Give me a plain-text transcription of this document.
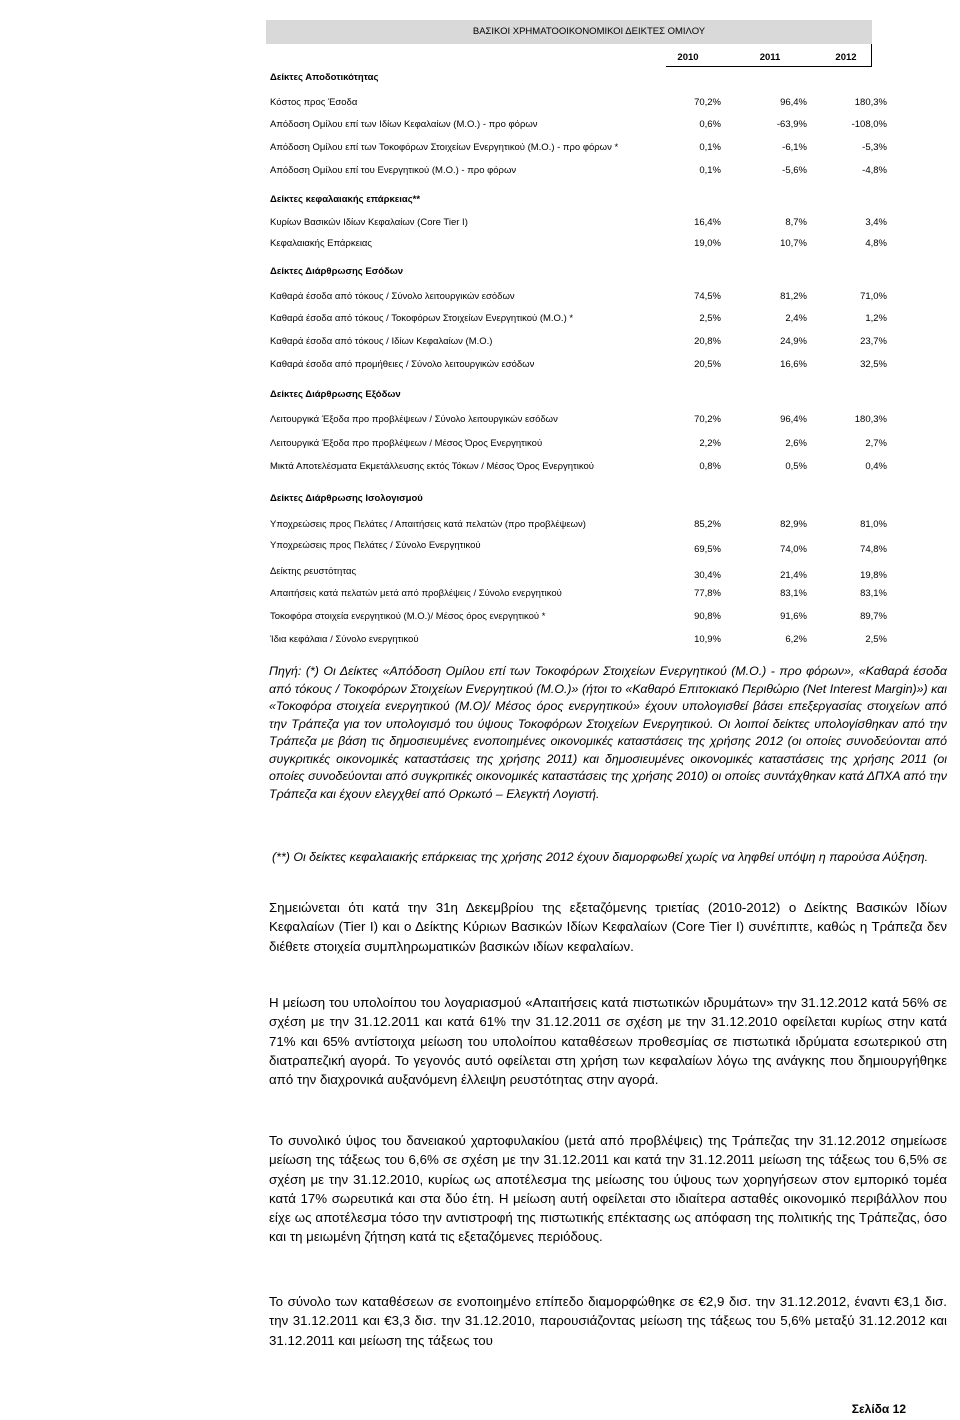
ΒΑΣΙΚΟΙ ΧΡΗΜΑΤΟΟΙΚΟΝΟΜΙΚΟΙ ΔΕΙΚΤΕΣ ΟΜΙΛΟΥ
2010	2011	2012
Δείκτες Αποδοτικότητας
Κόστος προς Έσοδα	70,2%	96,4%	180,3%
Απόδοση Ομίλου επί των Ιδίων Κεφαλαίων (Μ.Ο.) - προ φόρων	0,6%	-63,9%	-108,0%
Απόδοση Ομίλου επί των Τοκοφόρων Στοιχείων Ενεργητικού (Μ.Ο.) - προ φόρων *	0,1%	-6,1%	-5,3%
Απόδοση Ομίλου επί του Ενεργητικού (Μ.Ο.) - προ φόρων	0,1%	-5,6%	-4,8%
Δείκτες κεφαλαιακής επάρκειας**
Κυρίων Βασικών Ιδίων Κεφαλαίων (Core Tier I)	16,4%	8,7%	3,4%
Κεφαλαιακής Επάρκειας	19,0%	10,7%	4,8%
Δείκτες Διάρθρωσης Εσόδων
Καθαρά έσοδα από τόκους / Σύνολο λειτουργικών εσόδων	74,5%	81,2%	71,0%
Καθαρά έσοδα από τόκους / Τοκοφόρων Στοιχείων Ενεργητικού (Μ.Ο.) *	2,5%	2,4%	1,2%
Καθαρά έσοδα από τόκους / Ιδίων Κεφαλαίων (Μ.Ο.)	20,8%	24,9%	23,7%
Καθαρά έσοδα από προμήθειες / Σύνολο λειτουργικών εσόδων	20,5%	16,6%	32,5%
Δείκτες Διάρθρωσης Εξόδων
Λειτουργικά Έξοδα προ προβλέψεων / Σύνολο λειτουργικών εσόδων	70,2%	96,4%	180,3%
Λειτουργικά Έξοδα προ προβλέψεων / Μέσος Όρος Ενεργητικού	2,2%	2,6%	2,7%
Μικτά Αποτελέσματα Εκμετάλλευσης εκτός Τόκων / Μέσος Όρος Ενεργητικού	0,8%	0,5%	0,4%
Δείκτες Διάρθρωσης Ισολογισμού
Υποχρεώσεις προς Πελάτες / Απαιτήσεις κατά πελατών (προ προβλέψεων)	85,2%	82,9%	81,0%
Υποχρεώσεις προς Πελάτες / Σύνολο Ενεργητικού	69,5%	74,0%	74,8%
Δείκτης ρευστότητας	30,4%	21,4%	19,8%
Απαιτήσεις κατά πελατών μετά από προβλέψεις / Σύνολο ενεργητικού	77,8%	83,1%	83,1%
Τοκοφόρα στοιχεία ενεργητικού (Μ.Ο.)/ Μέσος όρος ενεργητικού *	90,8%	91,6%	89,7%
Ίδια κεφάλαια / Σύνολο ενεργητικού	10,9%	6,2%	2,5%

Πηγή: (*) Οι Δείκτες «Απόδοση Ομίλου επί των Τοκοφόρων Στοιχείων Ενεργητικού (Μ.Ο.) - προ φόρων», «Καθαρά έσοδα από τόκους / Τοκοφόρων Στοιχείων Ενεργητικού (Μ.Ο.)» (ήτοι το «Καθαρό Επιτοκιακό Περιθώριο (Net Interest Margin)») και «Τοκοφόρα στοιχεία ενεργητικού (Μ.Ο)/ Μέσος όρος ενεργητικού» έχουν υπολογισθεί βάσει επεξεργασίας στοιχείων από την Τράπεζα για τον υπολογισμό του ύψους Τοκοφόρων Στοιχείων Ενεργητικού. Οι λοιποί δείκτες υπολογίσθηκαν από την Τράπεζα με βάση τις δημοσιευμένες ενοποιημένες οικονομικές καταστάσεις της χρήσης 2012 (οι οποίες συνοδεύονται από συγκριτικές οικονομικές καταστάσεις της χρήσης 2011) και δημοσιευμένες οικονομικές καταστάσεις της χρήσης 2011 (οι οποίες συνοδεύονται από συγκριτικές οικονομικές καταστάσεις της χρήσης 2010) οι οποίες συντάχθηκαν κατά ΔΠΧΑ από την Τράπεζα και έχουν ελεγχθεί από Ορκωτό – Ελεγκτή Λογιστή.

(**) Οι δείκτες κεφαλαιακής επάρκειας της χρήσης 2012 έχουν διαμορφωθεί χωρίς να ληφθεί υπόψη η παρούσα Αύξηση.

Σημειώνεται ότι κατά την 31η Δεκεμβρίου της εξεταζόμενης τριετίας (2010-2012) ο Δείκτης Βασικών Ιδίων Κεφαλαίων (Tier I) και ο Δείκτης Κύριων Βασικών Ιδίων Κεφαλαίων (Core Tier I) συνέπιπτε, καθώς η Τράπεζα δεν διέθετε στοιχεία συμπληρωματικών βασικών ιδίων κεφαλαίων.

Η μείωση του υπολοίπου του λογαριασμού «Απαιτήσεις κατά πιστωτικών ιδρυμάτων» την 31.12.2012 κατά 56% σε σχέση με την 31.12.2011 και κατά 61% την 31.12.2011 σε σχέση με την 31.12.2010 οφείλεται κυρίως στην κατά 71% και 65% αντίστοιχα μείωση του υπολοίπου καταθέσεων προθεσμίας σε πιστωτικά ιδρύματα εσωτερικού στη διατραπεζική αγορά. Το γεγονός αυτό οφείλεται στη χρήση των κεφαλαίων λόγω της ανάγκης που δημιουργήθηκε από την διαχρονικά αυξανόμενη έλλειψη ρευστότητας στην αγορά.

Το συνολικό ύψος του δανειακού χαρτοφυλακίου (μετά από προβλέψεις) της Τράπεζας την 31.12.2012 σημείωσε μείωση της τάξεως του 6,6% σε σχέση με την 31.12.2011 και κατά την 31.12.2011 μείωση της τάξεως του 6,5% σε σχέση με την 31.12.2010, κυρίως ως αποτέλεσμα της μείωσης του ύψους των χορηγήσεων στον εμπορικό τομέα κατά 17% σωρευτικά και στα δύο έτη. Η μείωση αυτή οφείλεται στο ιδιαίτερα ασταθές οικονομικό περιβάλλον που είχε ως αποτέλεσμα τόσο την αντιστροφή της πιστωτικής επέκτασης ως απόφαση της πολιτικής της Τράπεζας, όσο και τη μειωμένη ζήτηση κατά τις εξεταζόμενες περιόδους.

Το σύνολο των καταθέσεων σε ενοποιημένο επίπεδο διαμορφώθηκε σε €2,9 δισ. την 31.12.2012, έναντι €3,1 δισ. την 31.12.2011 και €3,3 δισ. την 31.12.2010, παρουσιάζοντας μείωση της τάξεως του 5,6% μεταξύ 31.12.2012 και 31.12.2011 και μείωση της τάξεως του

Σελίδα 12
